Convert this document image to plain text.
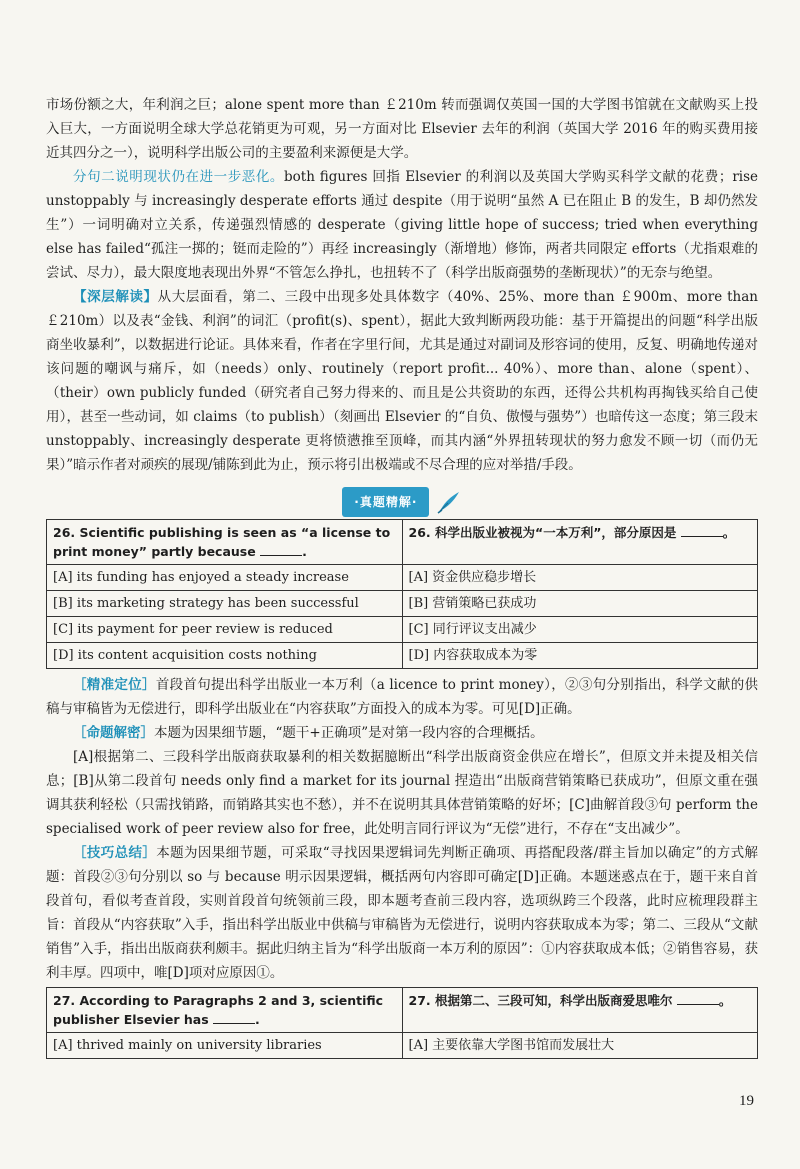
市场份额之大，年利润之巨；alone spent more than ￡210m 转而强调仅英国一国的大学图书馆就在文献购买上投入巨大，一方面说明全球大学总花销更为可观，另一方面对比 Elsevier 去年的利润（英国大学 2016 年的购买费用接近其四分之一），说明科学出版公司的主要盈利来源便是大学。

分句二说明现状仍在进一步恶化。both figures 回指 Elsevier 的利润以及英国大学购买科学文献的花费；rise unstoppably 与 increasingly desperate efforts 通过 despite（用于说明“虽然 A 已在阻止 B 的发生，B 却仍然发生”）一词明确对立关系，传递强烈情感的 desperate（giving little hope of success; tried when everything else has failed“孤注一掷的；铤而走险的”）再经 increasingly（渐增地）修饰，两者共同限定 efforts（尤指艰难的尝试、尽力），最大限度地表现出外界“不管怎么挣扎，也扭转不了（科学出版商强势的垄断现状）”的无奈与绝望。

【深层解读】从大层面看，第二、三段中出现多处具体数字（40%、25%、more than ￡900m、more than ￡210m）以及表“金钱、利润”的词汇（profit(s)、spent），据此大致判断两段功能：基于开篇提出的问题“科学出版商坐收暴利”，以数据进行论证。具体来看，作者在字里行间，尤其是通过对副词及形容词的使用，反复、明确地传递对该问题的嘲讽与痛斥，如（needs）only、routinely（report profit... 40%）、more than、alone（spent）、（their）own publicly funded（研究者自己努力得来的、而且是公共资助的东西，还得公共机构再掏钱买给自己使用），甚至一些动词，如 claims（to publish）（刻画出 Elsevier 的“自负、傲慢与强势”）也暗传这一态度；第三段末 unstoppably、increasingly desperate 更将愤懑推至顶峰，而其内涵“外界扭转现状的努力愈发不顾一切（而仍无果）”暗示作者对顽疾的展现/铺陈到此为止，预示将引出极端或不尽合理的应对举措/手段。

·真题精解·
26. Scientific publishing is seen as “a license to print money” partly because .	26. 科学出版业被视为“一本万利”，部分原因是 。
[A] its funding has enjoyed a steady increase	[A] 资金供应稳步增长
[B] its marketing strategy has been successful	[B] 营销策略已获成功
[C] its payment for peer review is reduced	[C] 同行评议支出减少
[D] its content acquisition costs nothing	[D] 内容获取成本为零

［精准定位］首段首句提出科学出版业一本万利（a licence to print money），②③句分别指出，科学文献的供稿与审稿皆为无偿进行，即科学出版业在“内容获取”方面投入的成本为零。可见[D]正确。

［命题解密］本题为因果细节题，“题干+正确项”是对第一段内容的合理概括。

[A]根据第二、三段科学出版商获取暴利的相关数据臆断出“科学出版商资金供应在增长”，但原文并未提及相关信息；[B]从第二段首句 needs only find a market for its journal 捏造出“出版商营销策略已获成功”，但原文重在强调其获利轻松（只需找销路，而销路其实也不愁），并不在说明其具体营销策略的好坏；[C]曲解首段③句 perform the specialised work of peer review also for free，此处明言同行评议为“无偿”进行，不存在“支出减少”。

［技巧总结］本题为因果细节题，可采取“寻找因果逻辑词先判断正确项、再搭配段落/群主旨加以确定”的方式解题：首段②③句分别以 so 与 because 明示因果逻辑，概括两句内容即可确定[D]正确。本题迷惑点在于，题干来自首段首句，看似考查首段，实则首段首句统领前三段，即本题考查前三段内容，选项纵跨三个段落，此时应梳理段群主旨：首段从“内容获取”入手，指出科学出版业中供稿与审稿皆为无偿进行，说明内容获取成本为零；第二、三段从“文献销售”入手，指出出版商获利颇丰。据此归纳主旨为“科学出版商一本万利的原因”：①内容获取成本低；②销售容易，获利丰厚。四项中，唯[D]项对应原因①。

27. According to Paragraphs 2 and 3, scientific publisher Elsevier has .	27. 根据第二、三段可知，科学出版商爱思唯尔 。
[A] thrived mainly on university libraries	[A] 主要依靠大学图书馆而发展壮大
19
